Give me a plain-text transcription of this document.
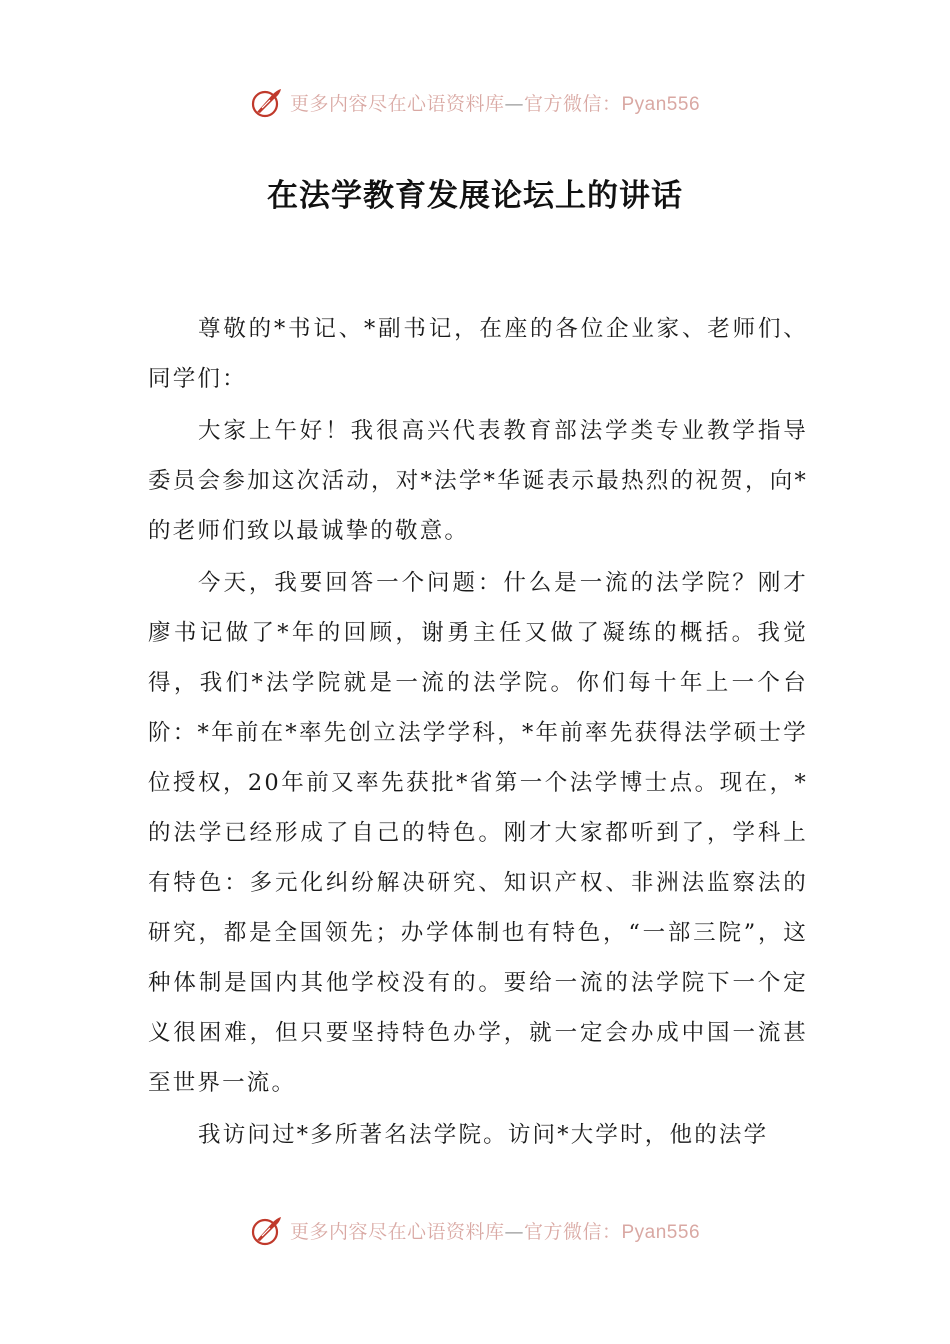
更多内容尽在心语资料库—官方微信：Pyan556
在法学教育发展论坛上的讲话

尊敬的*书记、*副书记，在座的各位企业家、老师们、同学们：

大家上午好！我很高兴代表教育部法学类专业教学指导委员会参加这次活动，对*法学*华诞表示最热烈的祝贺，向*的老师们致以最诚挚的敬意。

今天，我要回答一个问题：什么是一流的法学院？刚才廖书记做了*年的回顾，谢勇主任又做了凝练的概括。我觉得，我们*法学院就是一流的法学院。你们每十年上一个台阶：*年前在*率先创立法学学科，*年前率先获得法学硕士学位授权，20年前又率先获批*省第一个法学博士点。现在，*的法学已经形成了自己的特色。刚才大家都听到了，学科上有特色：多元化纠纷解决研究、知识产权、非洲法监察法的研究，都是全国领先；办学体制也有特色，“一部三院”，这种体制是国内其他学校没有的。要给一流的法学院下一个定义很困难，但只要坚持特色办学，就一定会办成中国一流甚至世界一流。

我访问过*多所著名法学院。访问*大学时，他的法学

更多内容尽在心语资料库—官方微信：Pyan556
